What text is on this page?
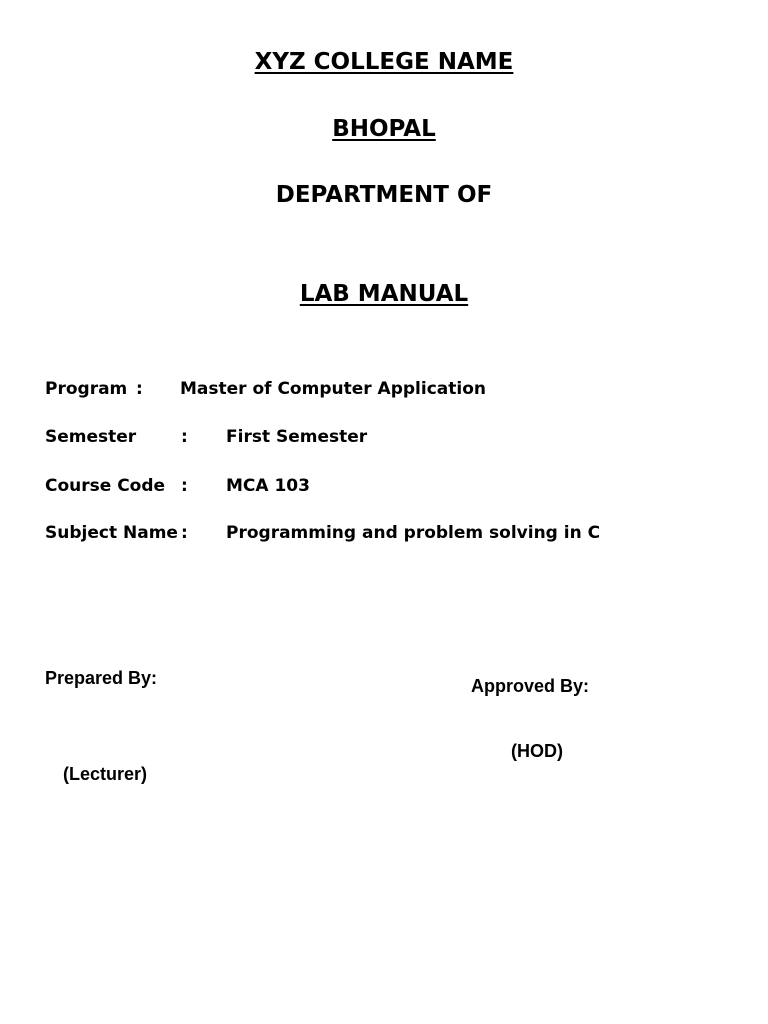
XYZ COLLEGE NAME
BHOPAL
DEPARTMENT OF
LAB MANUAL
Program : Master of Computer Application
Semester	: First Semester
Course Code : MCA 103
Subject Name : Programming and problem solving in C
Prepared By:	Approved By:
(HOD)
(Lecturer)
